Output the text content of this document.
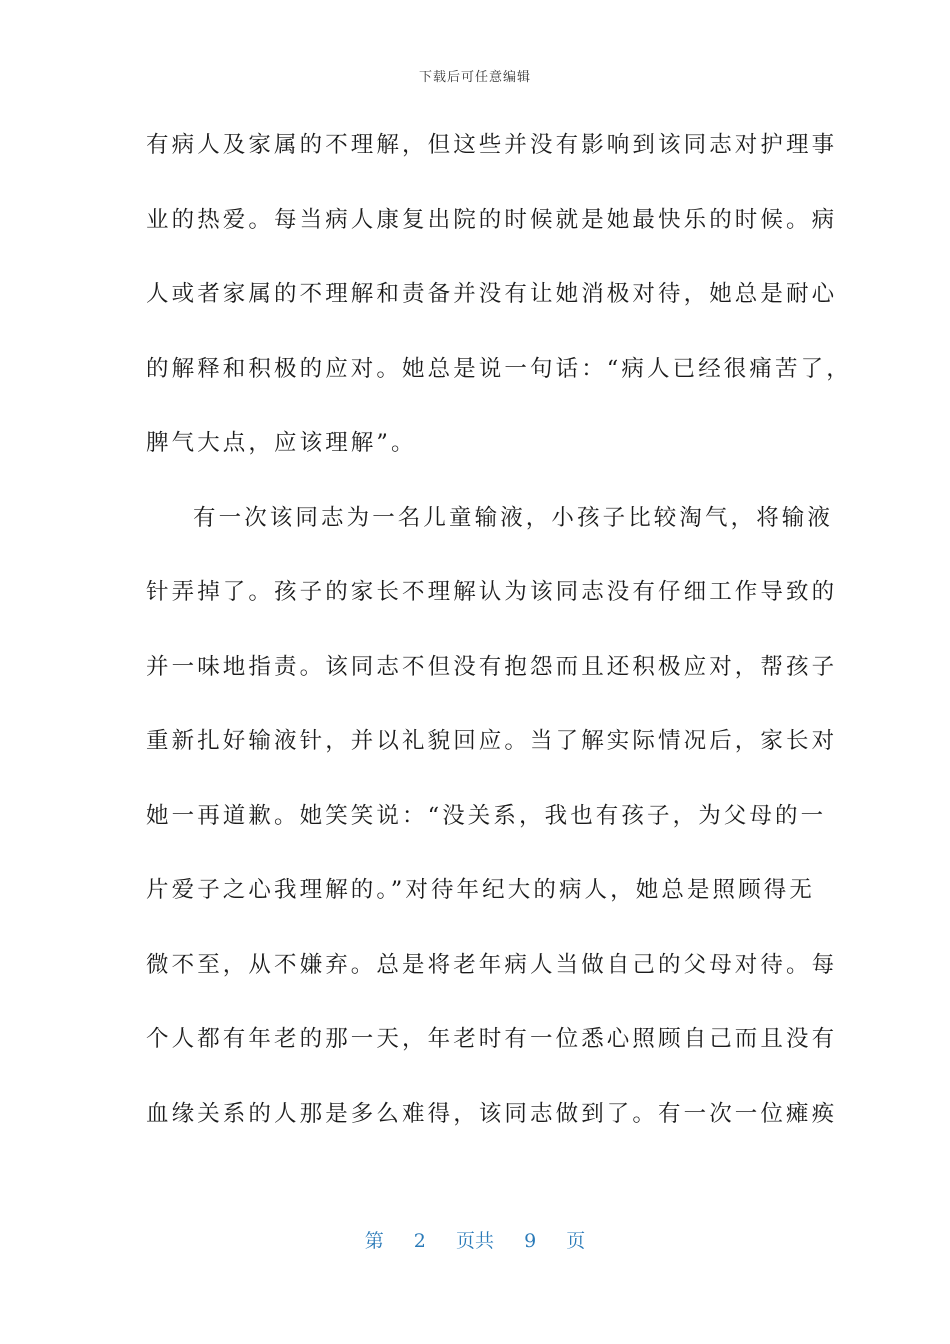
下载后可任意编辑
有病人及家属的不理解，但这些并没有影响到该同志对护理事
业的热爱。每当病人康复出院的时候就是她最快乐的时候。病
人或者家属的不理解和责备并没有让她消极对待，她总是耐心
的解释和积极的应对。她总是说一句话：“病人已经很痛苦了，
脾气大点，应该理解”。
有一次该同志为一名儿童输液，小孩子比较淘气，将输液
针弄掉了。孩子的家长不理解认为该同志没有仔细工作导致的
并一味地指责。该同志不但没有抱怨而且还积极应对，帮孩子
重新扎好输液针，并以礼貌回应。当了解实际情况后，家长对
她一再道歉。她笑笑说：“没关系，我也有孩子，为父母的一
片爱子之心我理解的。”对待年纪大的病人，她总是照顾得无
微不至，从不嫌弃。总是将老年病人当做自己的父母对待。每
个人都有年老的那一天，年老时有一位悉心照顾自己而且没有
血缘关系的人那是多么难得，该同志做到了。有一次一位瘫痪
第 2 页共 9 页
